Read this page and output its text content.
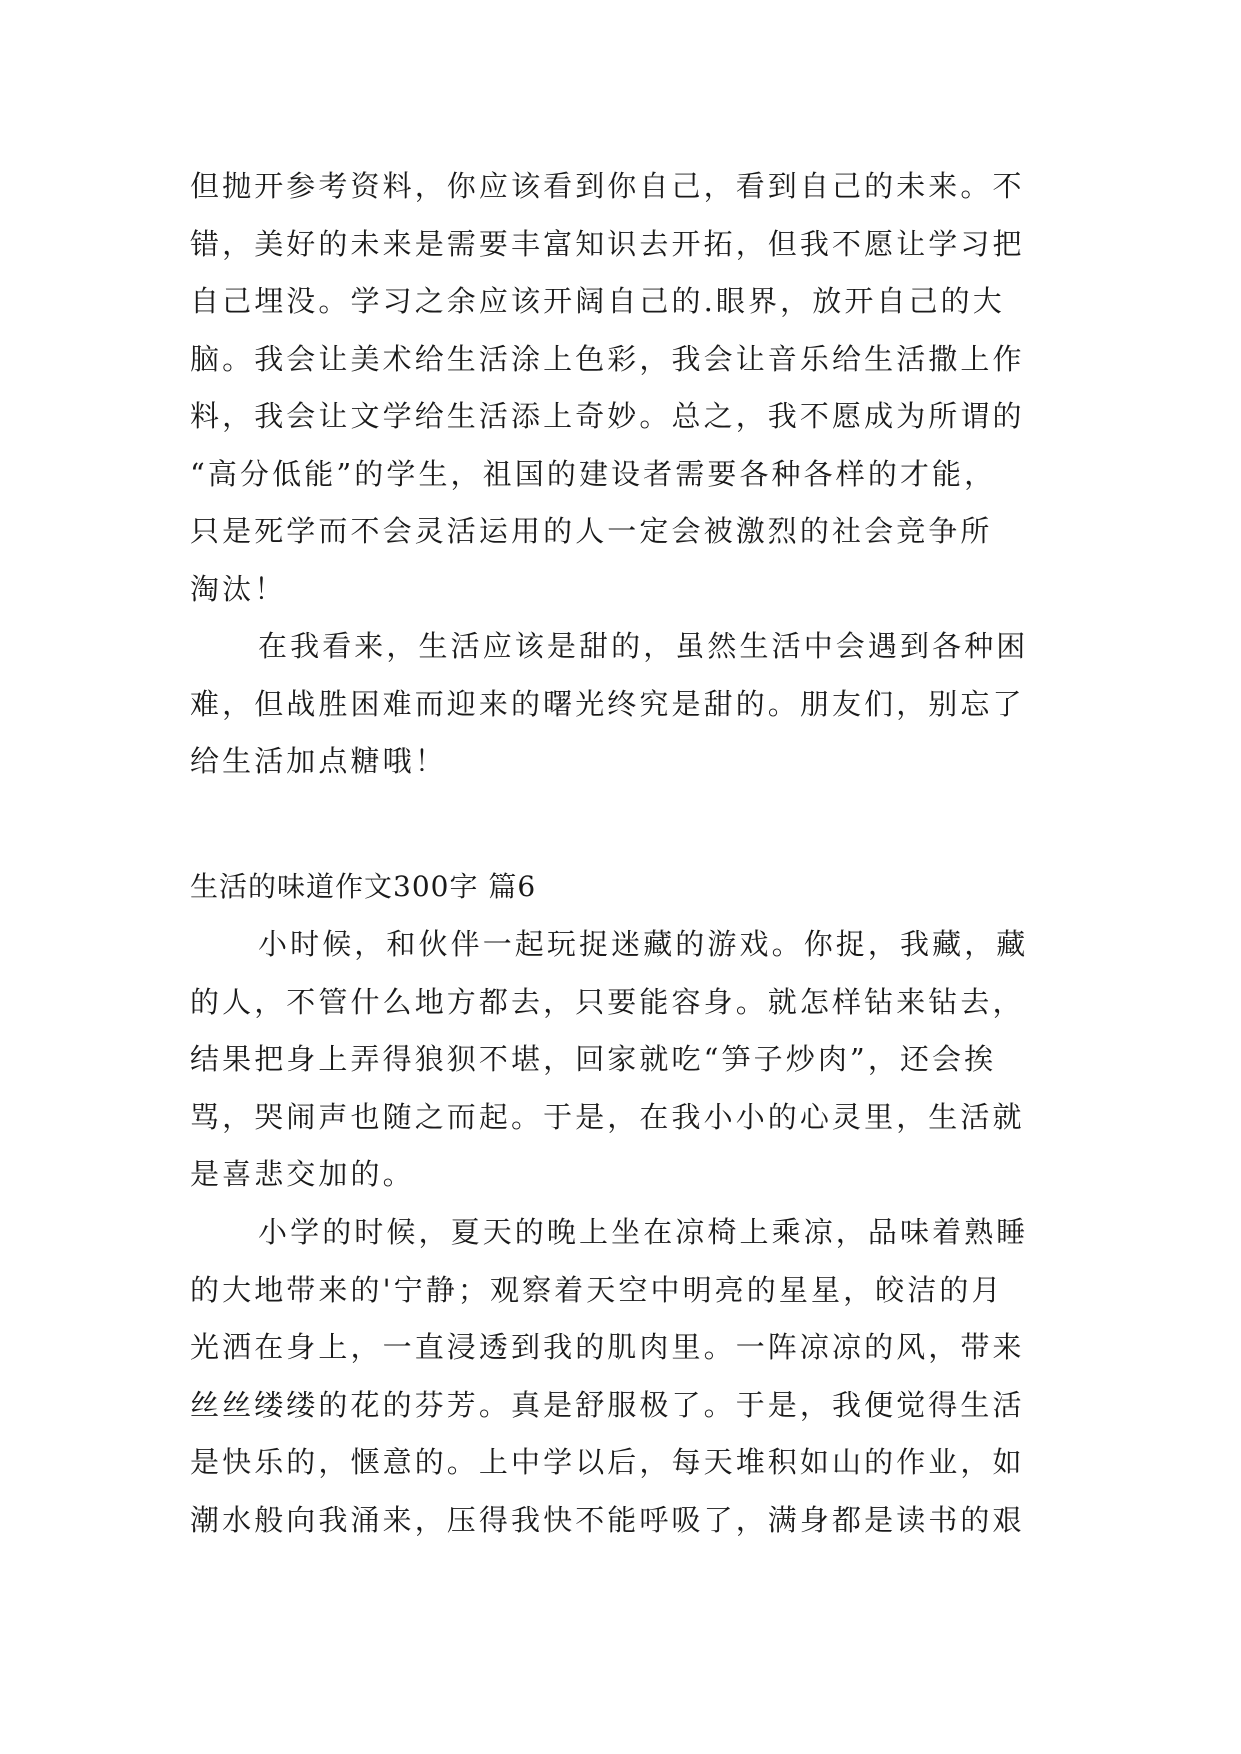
但抛开参考资料，你应该看到你自己，看到自己的未来。不
错，美好的未来是需要丰富知识去开拓，但我不愿让学习把
自己埋没。学习之余应该开阔自己的.眼界，放开自己的大
脑。我会让美术给生活涂上色彩，我会让音乐给生活撒上作
料，我会让文学给生活添上奇妙。总之，我不愿成为所谓的
“高分低能”的学生，祖国的建设者需要各种各样的才能，
只是死学而不会灵活运用的人一定会被激烈的社会竞争所
淘汰！
在我看来，生活应该是甜的，虽然生活中会遇到各种困
难，但战胜困难而迎来的曙光终究是甜的。朋友们，别忘了
给生活加点糖哦！
生活的味道作文300字 篇6
小时候，和伙伴一起玩捉迷藏的游戏。你捉，我藏，藏
的人，不管什么地方都去，只要能容身。就怎样钻来钻去，
结果把身上弄得狼狈不堪，回家就吃“笋子炒肉”，还会挨
骂，哭闹声也随之而起。于是，在我小小的心灵里，生活就
是喜悲交加的。
小学的时候，夏天的晚上坐在凉椅上乘凉，品味着熟睡
的大地带来的'宁静；观察着天空中明亮的星星，皎洁的月
光洒在身上，一直浸透到我的肌肉里。一阵凉凉的风，带来
丝丝缕缕的花的芬芳。真是舒服极了。于是，我便觉得生活
是快乐的，惬意的。上中学以后，每天堆积如山的作业，如
潮水般向我涌来，压得我快不能呼吸了，满身都是读书的艰
